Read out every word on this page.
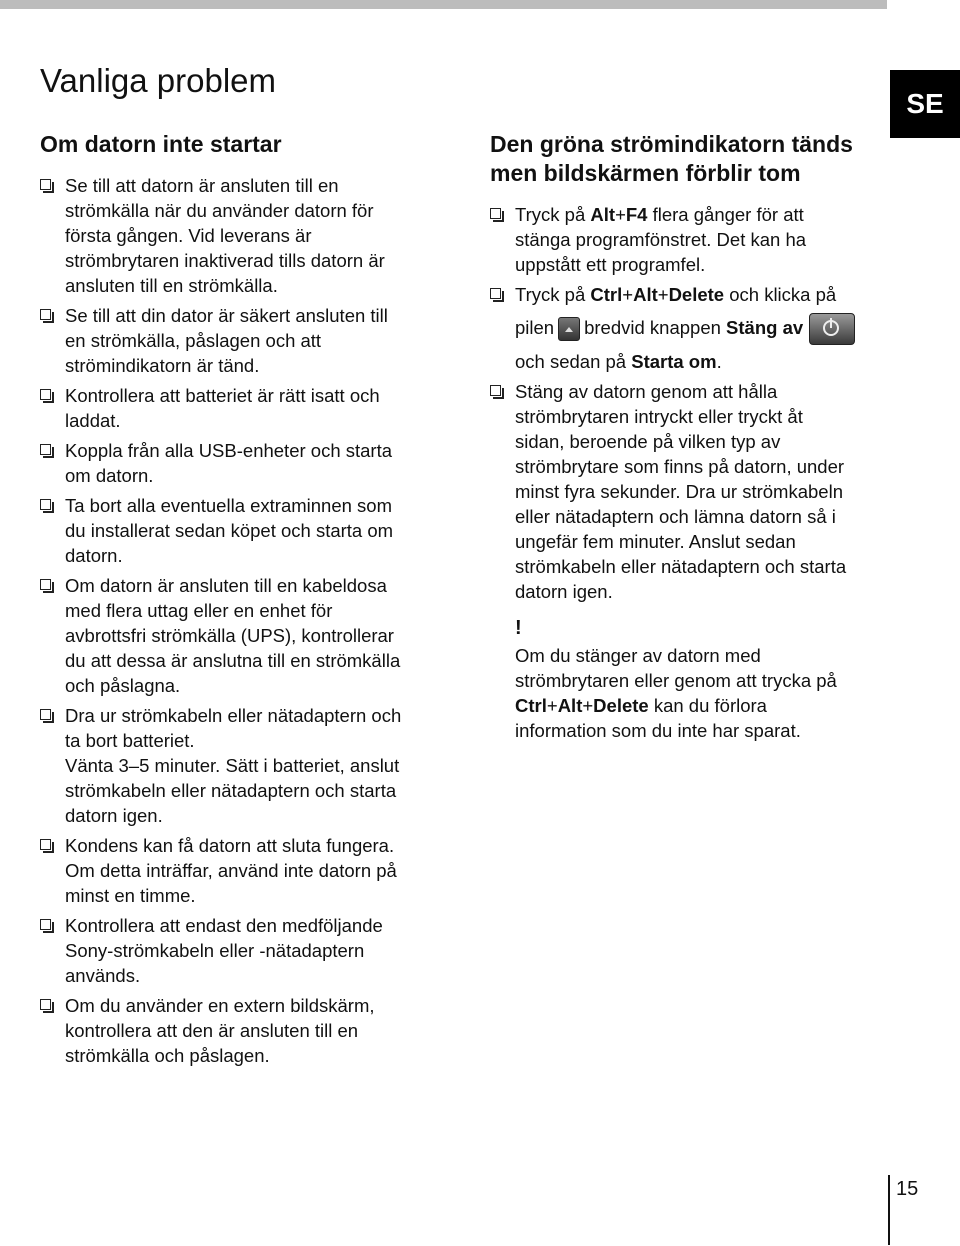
Vanliga problem
SE
Om datorn inte startar
Se till att datorn är ansluten till en
strömkälla när du använder datorn för
första gången. Vid leverans är
strömbrytaren inaktiverad tills datorn är
ansluten till en strömkälla.
Se till att din dator är säkert ansluten till
en strömkälla, påslagen och att
strömindikatorn är tänd.
Kontrollera att batteriet är rätt isatt och
laddat.
Koppla från alla USB-enheter och starta
om datorn.
Ta bort alla eventuella extraminnen som
du installerat sedan köpet och starta om
datorn.
Om datorn är ansluten till en kabeldosa
med flera uttag eller en enhet för
avbrottsfri strömkälla (UPS), kontrollerar
du att dessa är anslutna till en strömkälla
och påslagna.
Dra ur strömkabeln eller nätadaptern och
ta bort batteriet.
Vänta 3–5 minuter. Sätt i batteriet, anslut
strömkabeln eller nätadaptern och starta
datorn igen.
Kondens kan få datorn att sluta fungera.
Om detta inträffar, använd inte datorn på
minst en timme.
Kontrollera att endast den medföljande
Sony-strömkabeln eller -nätadaptern
används.
Om du använder en extern bildskärm,
kontrollera att den är ansluten till en
strömkälla och påslagen.
Den gröna strömindikatorn tänds
men bildskärmen förblir tom
Tryck på Alt+F4 flera gånger för att
stänga programfönstret. Det kan ha
uppstått ett programfel.
Tryck på Ctrl+Alt+Delete och klicka på
pilen bredvid knappen Stäng av
och sedan på Starta om.
Stäng av datorn genom att hålla
strömbrytaren intryckt eller tryckt åt
sidan, beroende på vilken typ av
strömbrytare som finns på datorn, under
minst fyra sekunder. Dra ur strömkabeln
eller nätadaptern och lämna datorn så i
ungefär fem minuter. Anslut sedan
strömkabeln eller nätadaptern och starta
datorn igen.
!
Om du stänger av datorn med
strömbrytaren eller genom att trycka på
Ctrl+Alt+Delete kan du förlora
information som du inte har sparat.
15
